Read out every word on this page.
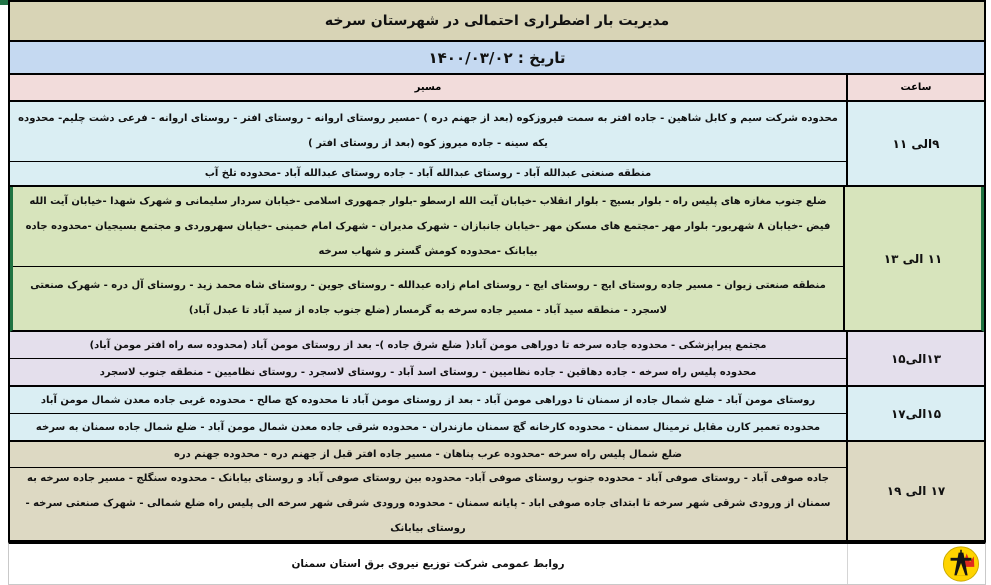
مدیریت بار اضطراری احتمالی در شهرستان سرخه
تاریخ : ۱۴۰۰/۰۳/۰۲
ساعت
مسیر
۹الی ۱۱
محدوده شرکت سیم و کابل شاهین - جاده افتر به سمت فیروزکوه (بعد از جهنم دره ) -مسیر روستای اروانه - روستای افتر - روستای اروانه - فرعی دشت چلیم- محدوده یکه سینه - جاده میروز کوه (بعد از روستای افتر )
منطقه صنعتی عبدالله آباد - روستای عبدالله آباد - جاده روستای عبدالله آباد -محدوده تلخ آب
۱۱ الی ۱۳
ضلع جنوب مغازه های پلیس راه - بلوار بسیج - بلوار انقلاب -خیابان آیت الله ارسطو -بلوار جمهوری اسلامی -خیابان سردار سلیمانی و شهرک شهدا -خیابان آیت الله فیض -خیابان ۸ شهریور- بلوار مهر -مجتمع های مسکن مهر -خیابان جانبازان - شهرک مدیران - شهرک امام خمینی -خیابان سهروردی و مجتمع بسیجیان -محدوده جاده بیابانک -محدوده کومش گستر و شهاب سرخه
منطقه صنعتی زیوان - مسیر جاده روستای ایج - روستای ایج - روستای امام زاده عبدالله - روستای جوین - روستای شاه محمد زید - روستای آل دره - شهرک صنعتی لاسجرد - منطقه سید آباد - مسیر جاده سرخه به گرمسار (ضلع جنوب جاده از سید آباد تا عبدل آباد)
۱۳الی۱۵
مجتمع پیراپزشکی - محدوده جاده سرخه تا دوراهی مومن آباد( ضلع شرق جاده )- بعد از روستای مومن آباد (محدوده سه راه افتر مومن آباد)
محدوده پلیس راه سرخه - جاده دهاقین - جاده نظامیین - روستای اسد آباد - روستای لاسجرد - روستای نظامیین - منطقه جنوب لاسجرد
۱۵الی۱۷
روستای مومن آباد - ضلع شمال جاده از سمنان تا دوراهی مومن آباد - بعد از روستای مومن آباد تا محدوده کچ صالح - محدوده غربی جاده معدن شمال مومن آباد
محدوده تعمیر کارن مقابل ترمینال سمنان - محدوده کارخانه گچ سمنان مازندران - محدوده شرقی جاده معدن شمال مومن آباد - ضلع شمال جاده سمنان به سرخه
۱۷ الی ۱۹
ضلع شمال پلیس راه سرخه -محدوده عرب پناهان - مسیر جاده افتر قبل از جهنم دره - محدوده جهنم دره
جاده صوفی آباد - روستای صوفی آباد - محدوده جنوب روستای صوفی آباد- محدوده بین روستای صوفی آباد و روستای بیابانک - محدوده سنگلج - مسیر جاده سرخه به سمنان از ورودی شرقی شهر سرخه تا ابتدای جاده صوفی اباد - پایانه سمنان - محدوده ورودی شرقی شهر سرخه الی پلیس راه ضلع شمالی - شهرک صنعتی سرخه - روستای بیابانک
روابط عمومی شرکت توزیع نیروی برق استان سمنان
